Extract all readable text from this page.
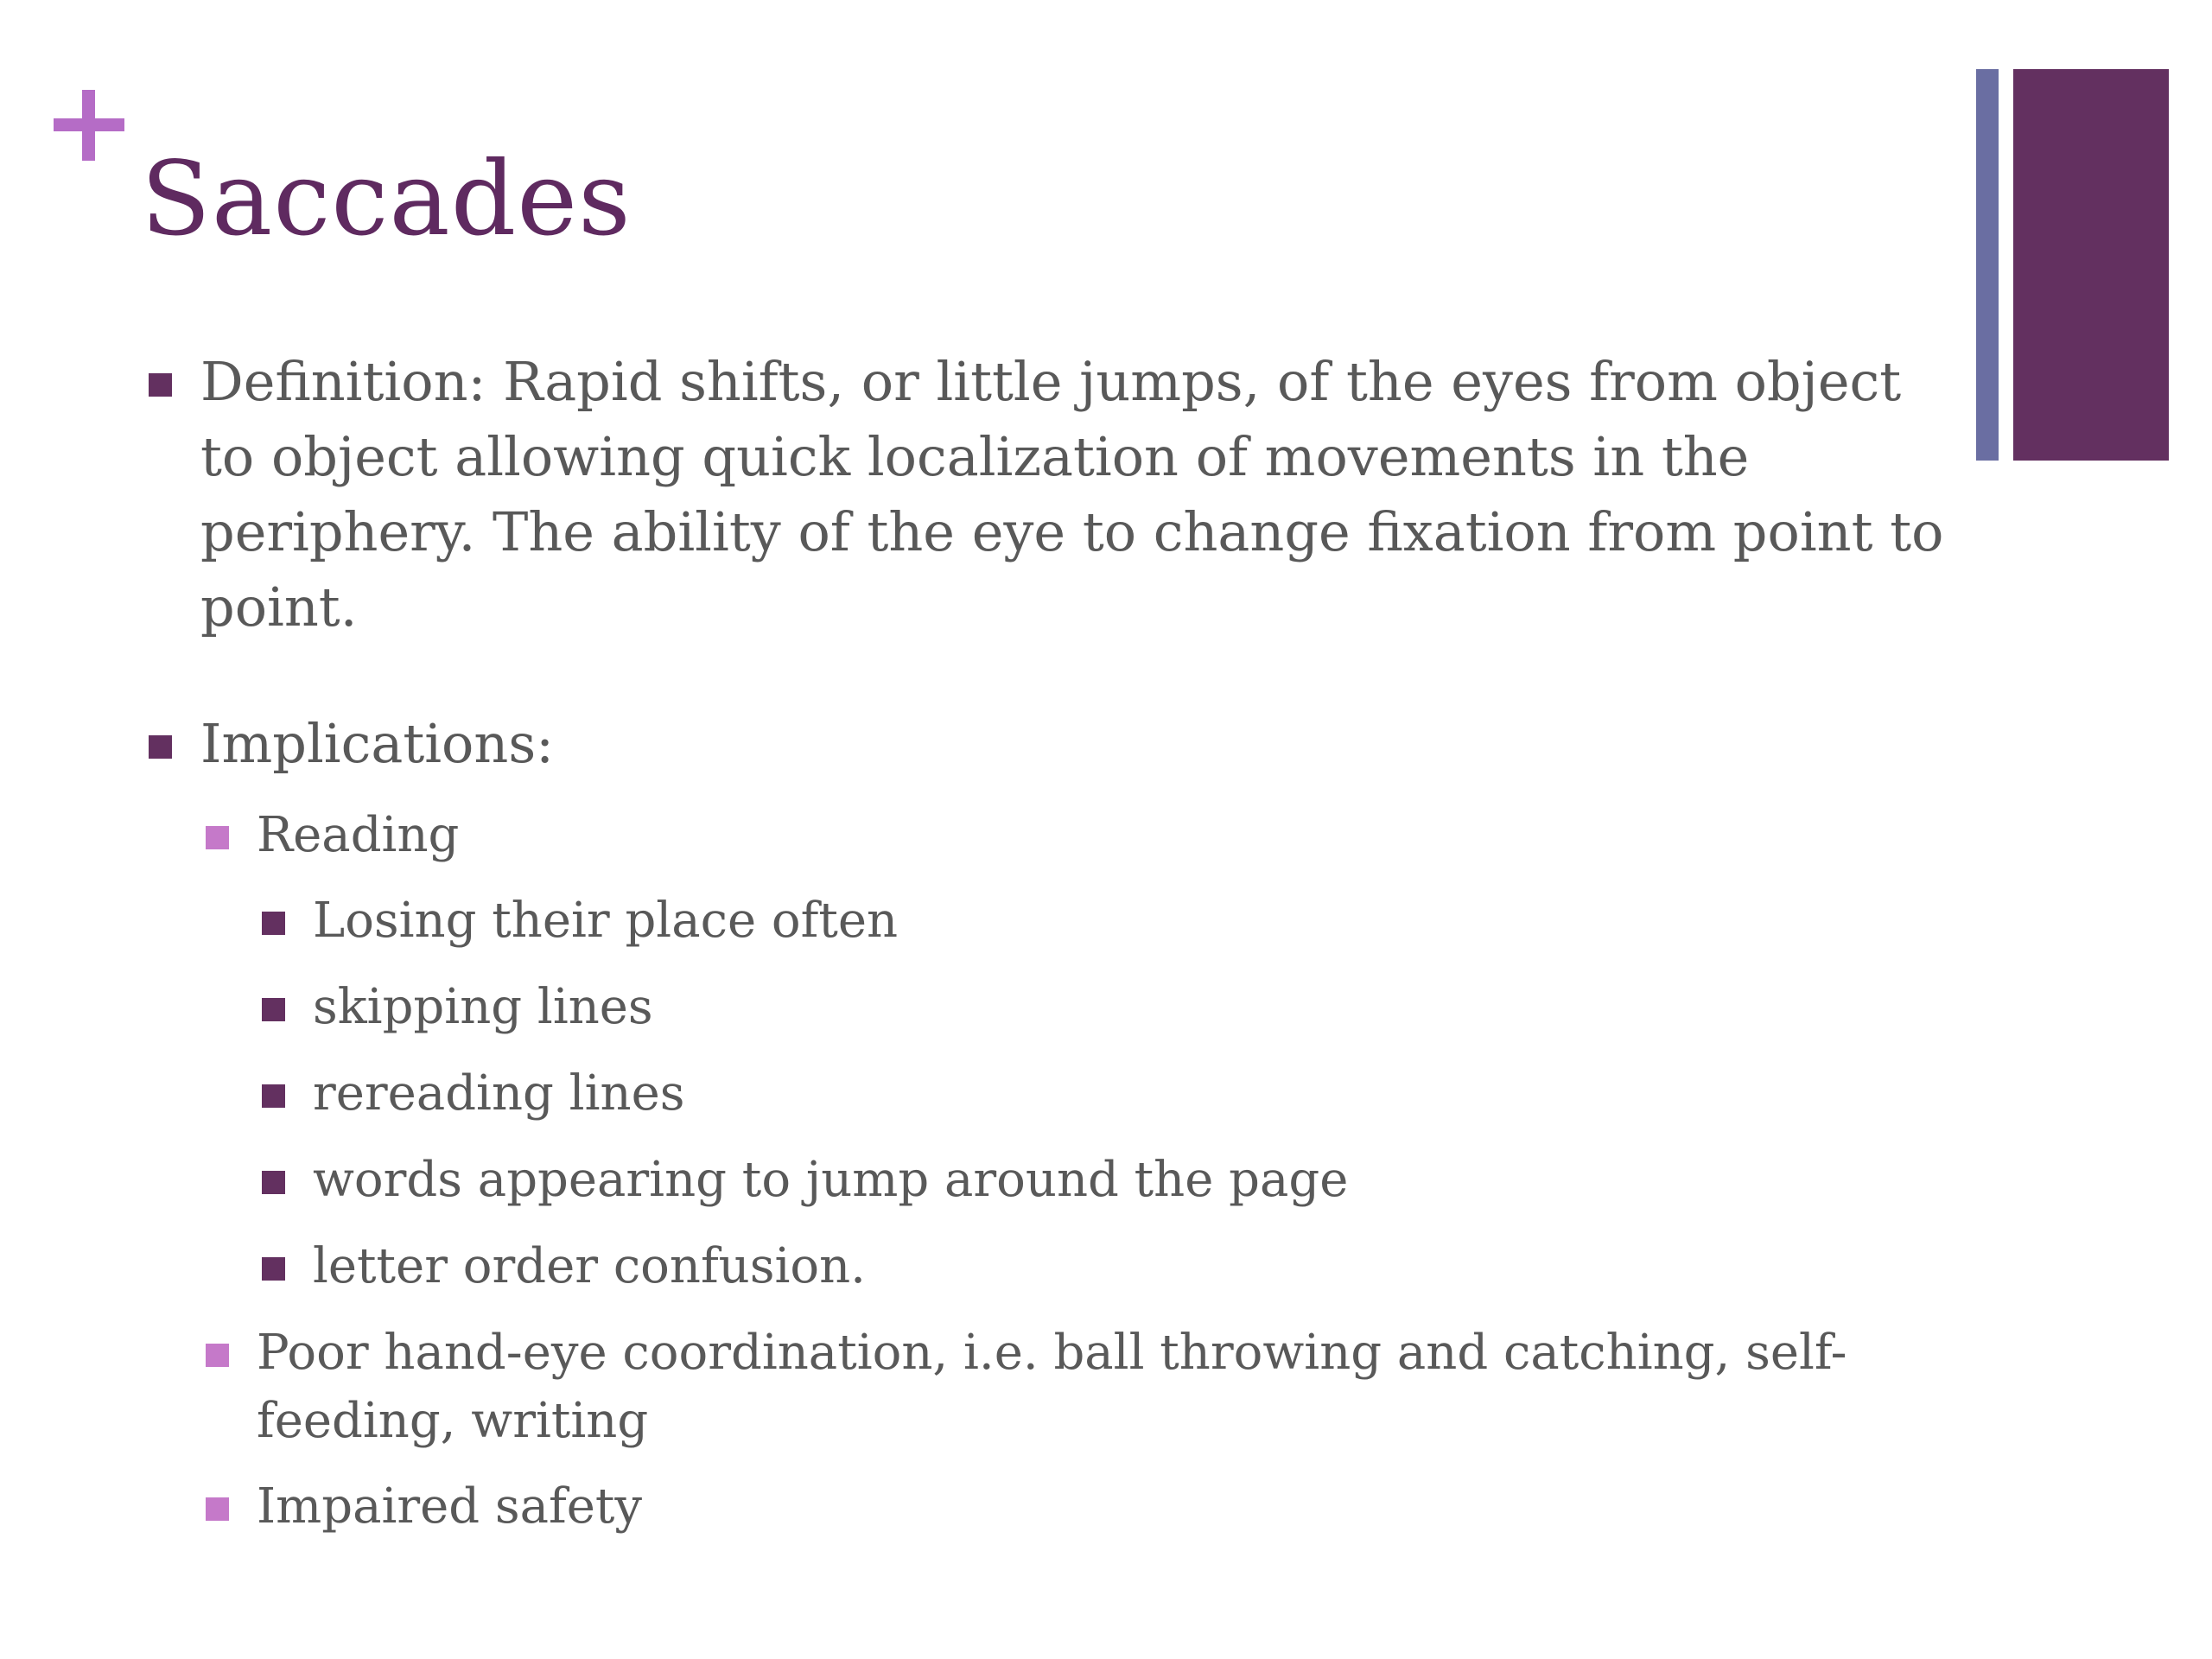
Saccades

Definition: Rapid shifts, or little jumps, of the eyes from object to object allowing quick localization of movements in the periphery. The ability of the eye to change fixation from point to point.

Implications:

Reading

Losing their place often

skipping lines

rereading lines

words appearing to jump around the page

letter order confusion.

Poor hand-eye coordination, i.e. ball throwing and catching, self-feeding, writing

Impaired safety
